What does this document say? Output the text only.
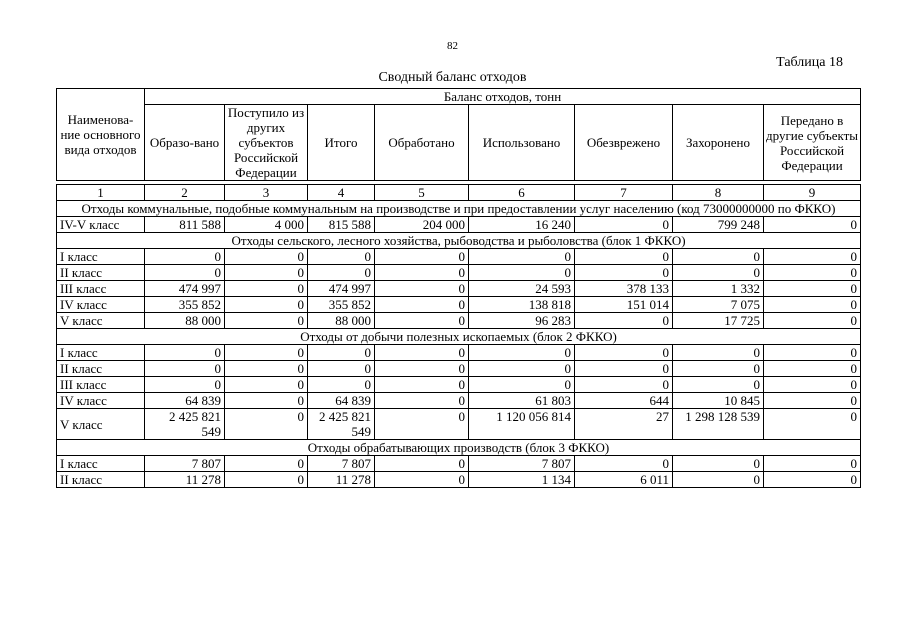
82
Таблица 18
Сводный баланс отходов
Наименова-ние основного вида отходов	Баланс отходов, тонн							
	Образо-вано	Поступило из других субъектов Российской Федерации	Итого	Обработано	Использовано	Обезврежено	Захоронено	Передано в другие субъекты Российской Федерации

1	2	3	4	5	6	7	8	9
Отходы коммунальные, подобные коммунальным на производстве и при предоставлении услуг населению (код 73000000000 по ФККО)								
IV-V класс	811 588	4 000	815 588	204 000	16 240	0	799 248	0
Отходы сельского, лесного хозяйства, рыбоводства и рыболовства (блок 1 ФККО)								
I класс	0	0	0	0	0	0	0	0
II класс	0	0	0	0	0	0	0	0
III класс	474 997	0	474 997	0	24 593	378 133	1 332	0
IV класс	355 852	0	355 852	0	138 818	151 014	7 075	0
V класс	88 000	0	88 000	0	96 283	0	17 725	0
Отходы от добычи полезных ископаемых (блок 2 ФККО)								
I класс	0	0	0	0	0	0	0	0
II класс	0	0	0	0	0	0	0	0
III класс	0	0	0	0	0	0	0	0
IV класс	64 839	0	64 839	0	61 803	644	10 845	0
V класс	2 425 821 549	0	2 425 821 549	0	1 120 056 814	27	1 298 128 539	0
Отходы обрабатывающих производств (блок 3 ФККО)								
I класс	7 807	0	7 807	0	7 807	0	0	0
II класс	11 278	0	11 278	0	1 134	6 011	0	0
